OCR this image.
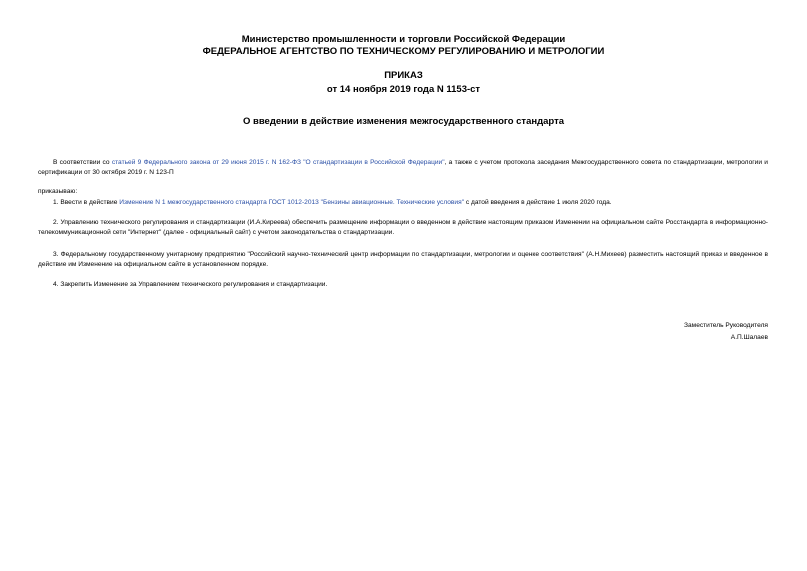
Министерство промышленности и торговли Российской Федерации
ФЕДЕРАЛЬНОЕ АГЕНТСТВО ПО ТЕХНИЧЕСКОМУ РЕГУЛИРОВАНИЮ И МЕТРОЛОГИИ
ПРИКАЗ
от 14 ноября 2019 года N 1153-ст
О введении в действие изменения межгосударственного стандарта
В соответствии со статьей 9 Федерального закона от 29 июня 2015 г. N 162-ФЗ "О стандартизации в Российской Федерации", а также с учетом протокола заседания Межгосударственного совета по стандартизации, метрологии и сертификации от 30 октября 2019 г. N 123-П
приказываю:
1. Ввести в действие Изменение N 1 межгосударственного стандарта ГОСТ 1012-2013 "Бензины авиационные. Технические условия" с датой введения в действие 1 июля 2020 года.
2. Управлению технического регулирования и стандартизации (И.А.Киреева) обеспечить размещение информации о введенном в действие настоящим приказом Изменении на официальном сайте Росстандарта в информационно-телекоммуникационной сети "Интернет" (далее - официальный сайт) с учетом законодательства о стандартизации.
3. Федеральному государственному унитарному предприятию "Российский научно-технический центр информации по стандартизации, метрологии и оценке соответствия" (А.Н.Михеев) разместить настоящий приказ и введенное в действие им Изменение на официальном сайте в установленном порядке.
4. Закрепить Изменение за Управлением технического регулирования и стандартизации.
Заместитель Руководителя
А.П.Шалаев
